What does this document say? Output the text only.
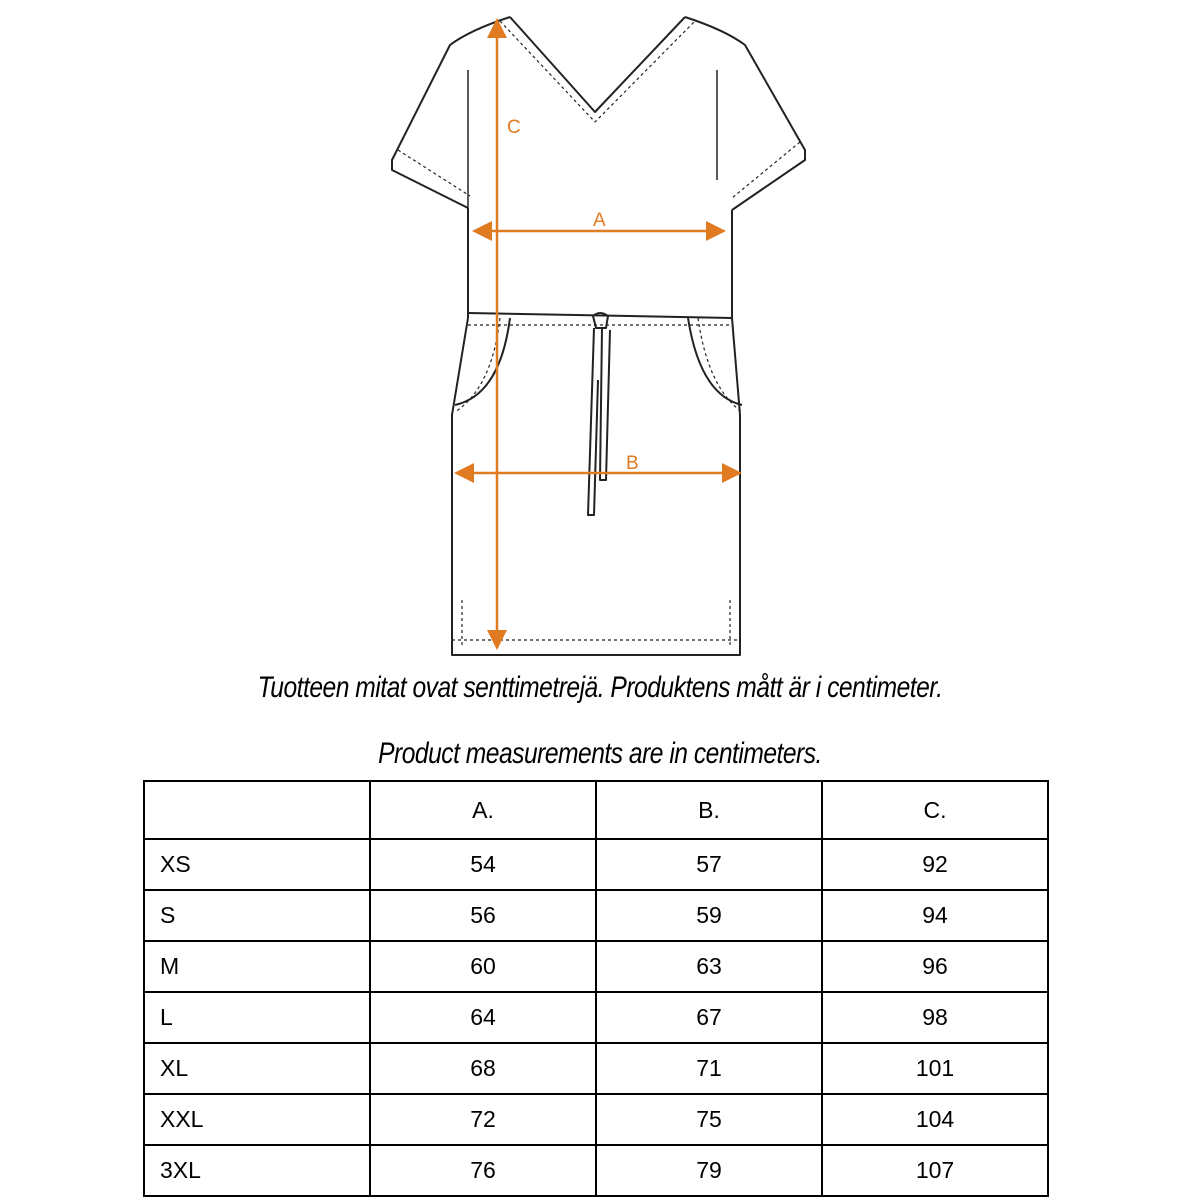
A
B
C
Tuotteen mitat ovat senttimetrejä. Produktens mått är i centimeter.
Product measurements are in centimeters.
	A.	B.	C.
XS	54	57	92
S	56	59	94
M	60	63	96
L	64	67	98
XL	68	71	101
XXL	72	75	104
3XL	76	79	107
